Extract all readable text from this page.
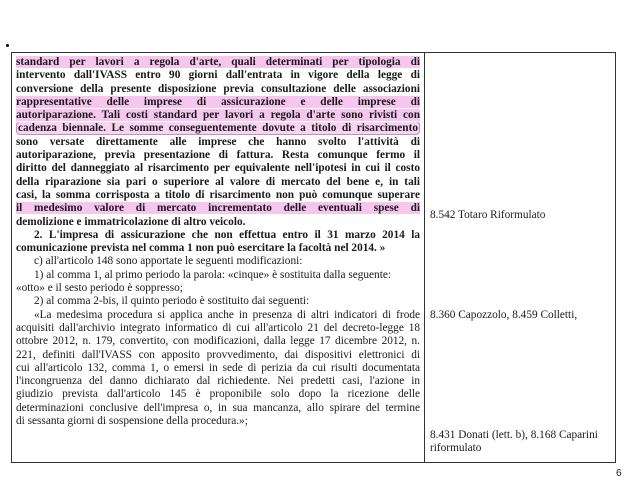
standard per lavori a regola d'arte, quali determinati per tipologia di
intervento dall'IVASS entro 90 giorni dall'entrata in vigore della legge di
conversione della presente disposizione previa consultazione delle associazioni
rappresentative delle imprese di assicurazione e delle imprese di
autoriparazione. Tali costi standard per lavori a regola d'arte sono rivisti con
cadenza biennale. Le somme conseguentemente dovute a titolo di risarcimento
sono versate direttamente alle imprese che hanno svolto l'attività di
autoriparazione, previa presentazione di fattura. Resta comunque fermo il
diritto del danneggiato al risarcimento per equivalente nell'ipotesi in cui il costo
della riparazione sia pari o superiore al valore di mercato del bene e, in tali
casi, la somma corrisposta a titolo di risarcimento non può comunque superare
il medesimo valore di mercato incrementato delle eventuali spese di
demolizione e immatricolazione di altro veicolo.
2. L'impresa di assicurazione che non effettua entro il 31 marzo 2014 la
comunicazione prevista nel comma 1 non può esercitare la facoltà nel 2014. »
c) all'articolo 148 sono apportate le seguenti modificazioni:
1) al comma 1, al primo periodo la parola: «cinque» è sostituita dalla seguente:
«otto» e il sesto periodo è soppresso;
2) al comma 2-bis, il quinto periodo è sostituito dai seguenti:
«La medesima procedura si applica anche in presenza di altri indicatori di frode
acquisiti dall'archivio integrato informatico di cui all'articolo 21 del decreto-legge 18
ottobre 2012, n. 179, convertito, con modificazioni, dalla legge 17 dicembre 2012, n.
221, definiti dall'IVASS con apposito provvedimento, dai dispositivi elettronici di
cui all'articolo 132, comma 1, o emersi in sede di perizia da cui risulti documentata
l'incongruenza del danno dichiarato dal richiedente. Nei predetti casi, l'azione in
giudizio prevista dall'articolo 145 è proponibile solo dopo la ricezione delle
determinazioni conclusive dell'impresa o, in sua mancanza, allo spirare del termine
di sessanta giorni di sospensione della procedura.»;
8.542 Totaro Riformulato
8.360 Capozzolo, 8.459 Colletti,
8.431 Donati (lett. b), 8.168 Caparini
riformulato
6
